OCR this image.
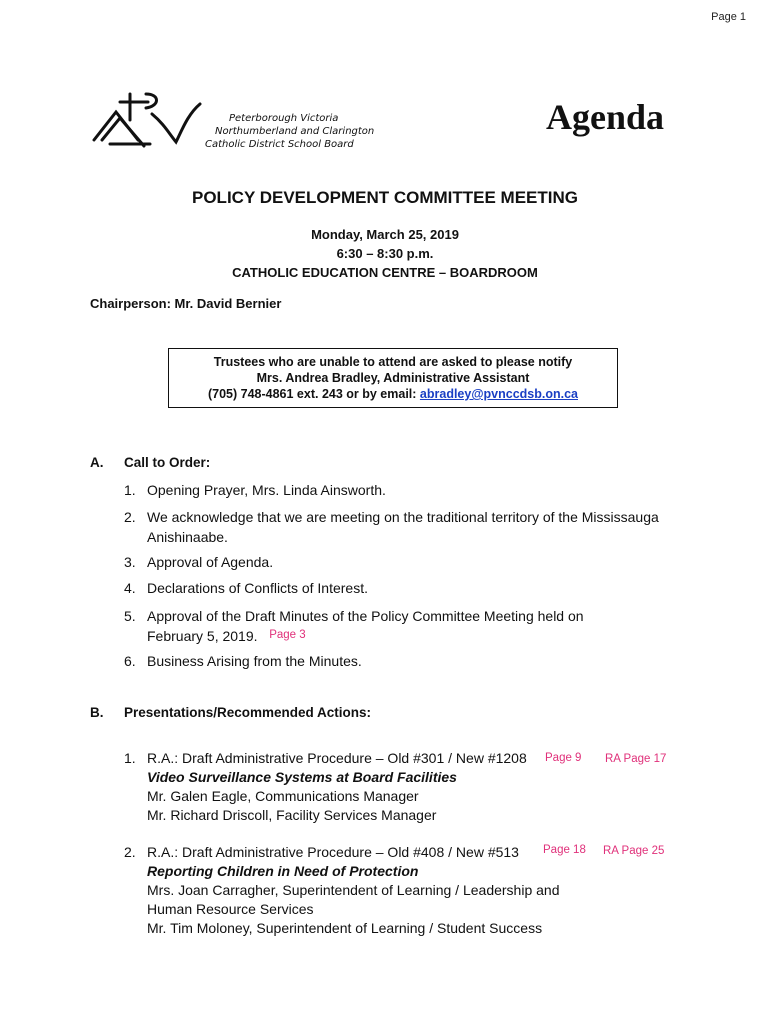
Page 1
Peterborough Victoria
Northumberland and Clarington
Catholic District School Board
Agenda
POLICY DEVELOPMENT COMMITTEE MEETING
Monday, March 25, 2019
6:30 – 8:30 p.m.
CATHOLIC EDUCATION CENTRE – BOARDROOM
Chairperson: Mr. David Bernier
Trustees who are unable to attend are asked to please notify
Mrs. Andrea Bradley, Administrative Assistant
(705) 748-4861 ext. 243 or by email: abradley@pvnccdsb.on.ca
A. Call to Order:
1. Opening Prayer, Mrs. Linda Ainsworth.
2. We acknowledge that we are meeting on the traditional territory of the Mississauga
Anishinaabe.
3. Approval of Agenda.
4. Declarations of Conflicts of Interest.
5. Approval of the Draft Minutes of the Policy Committee Meeting held on
February 5, 2019. $^{Page 3}$
6. Business Arising from the Minutes.
B. Presentations/Recommended Actions:
1. R.A.: Draft Administrative Procedure – Old #301 / New #1208
Video Surveillance Systems at Board Facilities
Mr. Galen Eagle, Communications Manager
Mr. Richard Driscoll, Facility Services Manager
Page 9 RA Page 17
2. R.A.: Draft Administrative Procedure – Old #408 / New #513
Reporting Children in Need of Protection
Mrs. Joan Carragher, Superintendent of Learning / Leadership and
Human Resource Services
Mr. Tim Moloney, Superintendent of Learning / Student Success
Page 18 RA Page 25
